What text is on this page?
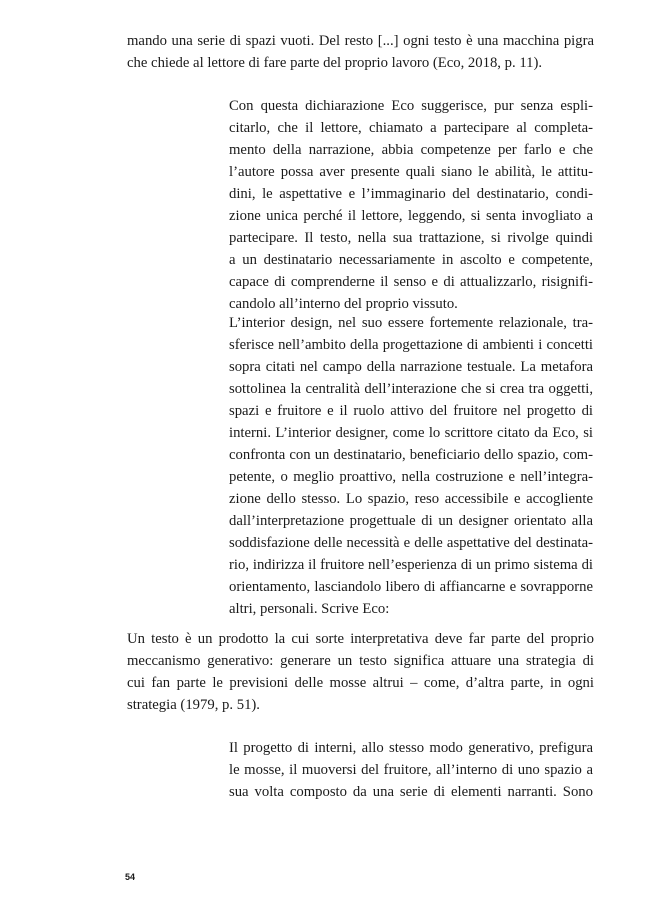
mando una serie di spazi vuoti. Del resto [...] ogni testo è una macchina pigra
che chiede al lettore di fare parte del proprio lavoro (Eco, 2018, p. 11).
Con questa dichiarazione Eco suggerisce, pur senza espli-
citarlo, che il lettore, chiamato a partecipare al completa-
mento della narrazione, abbia competenze per farlo e che
l’autore possa aver presente quali siano le abilità, le attitu-
dini, le aspettative e l’immaginario del destinatario, condi-
zione unica perché il lettore, leggendo, si senta invogliato a
partecipare. Il testo, nella sua trattazione, si rivolge quindi
a un destinatario necessariamente in ascolto e competente,
capace di comprenderne il senso e di attualizzarlo, risignifi-
candolo all’interno del proprio vissuto.
L’interior design, nel suo essere fortemente relazionale, tra-
sferisce nell’ambito della progettazione di ambienti i concetti
sopra citati nel campo della narrazione testuale. La metafora
sottolinea la centralità dell’interazione che si crea tra oggetti,
spazi e fruitore e il ruolo attivo del fruitore nel progetto di
interni. L’interior designer, come lo scrittore citato da Eco, si
confronta con un destinatario, beneficiario dello spazio, com-
petente, o meglio proattivo, nella costruzione e nell’integra-
zione dello stesso. Lo spazio, reso accessibile e accogliente
dall’interpretazione progettuale di un designer orientato alla
soddisfazione delle necessità e delle aspettative del destinata-
rio, indirizza il fruitore nell’esperienza di un primo sistema di
orientamento, lasciandolo libero di affiancarne e sovrapporne
altri, personali. Scrive Eco:
Un testo è un prodotto la cui sorte interpretativa deve far parte del proprio
meccanismo generativo: generare un testo significa attuare una strategia di
cui fan parte le previsioni delle mosse altrui – come, d’altra parte, in ogni
strategia (1979, p. 51).
Il progetto di interni, allo stesso modo generativo, prefigura
le mosse, il muoversi del fruitore, all’interno di uno spazio a
sua volta composto da una serie di elementi narranti. Sono
54
